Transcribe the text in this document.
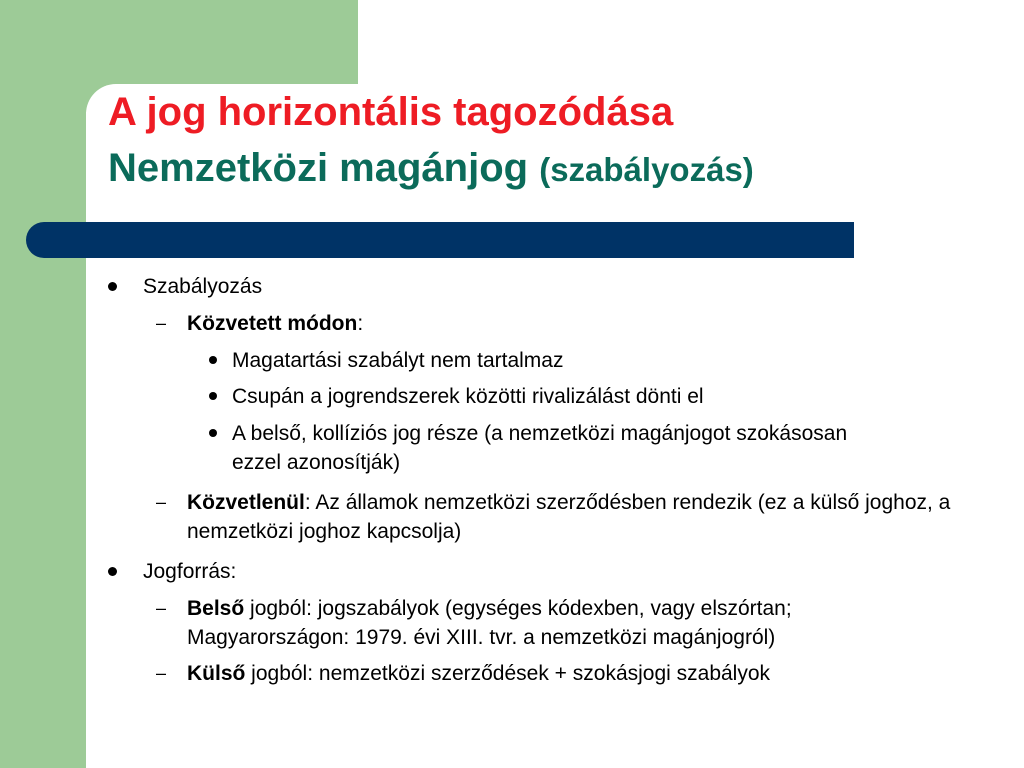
A jog horizontális tagozódása
Nemzetközi magánjog (szabályozás)
Szabályozás
– Közvetett módon:
Magatartási szabályt nem tartalmaz
Csupán a jogrendszerek közötti rivalizálást dönti el
A belső, kollíziós jog része (a nemzetközi magánjogot szokásosan ezzel azonosítják)
– Közvetlenül: Az államok nemzetközi szerződésben rendezik (ez a külső joghoz, a nemzetközi joghoz kapcsolja)
Jogforrás:
– Belső jogból: jogszabályok (egységes kódexben, vagy elszórtan; Magyarországon: 1979. évi XIII. tvr. a nemzetközi magánjogról)
– Külső jogból: nemzetközi szerződések + szokásjogi szabályok
